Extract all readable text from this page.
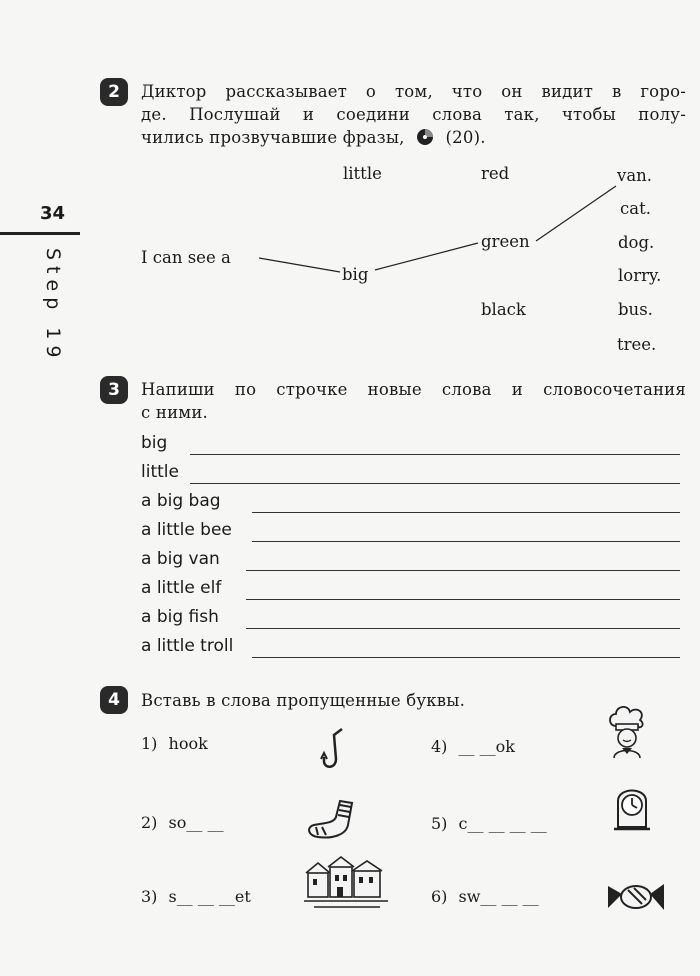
34
Step 19
2	Диктор рассказывает о том, что он видит в горо-
де. Послушай и соедини слова так, чтобы полу-
чились прозвучавшие фразы, (20).
little
big
red
green
black
van.
cat.
dog.
lorry.
bus.
tree.
I can see a
3	Напиши по строчке новые слова и словосочетания
с ними.
big
little
a big bag
a little bee
a big van
a little elf
a big fish
a little troll
4	Вставь в слова пропущенные буквы.
1) hook
2) so__ __
3) s__ __ __et
4) __ __ok
5) c__ __ __ __
6) sw__ __ __
